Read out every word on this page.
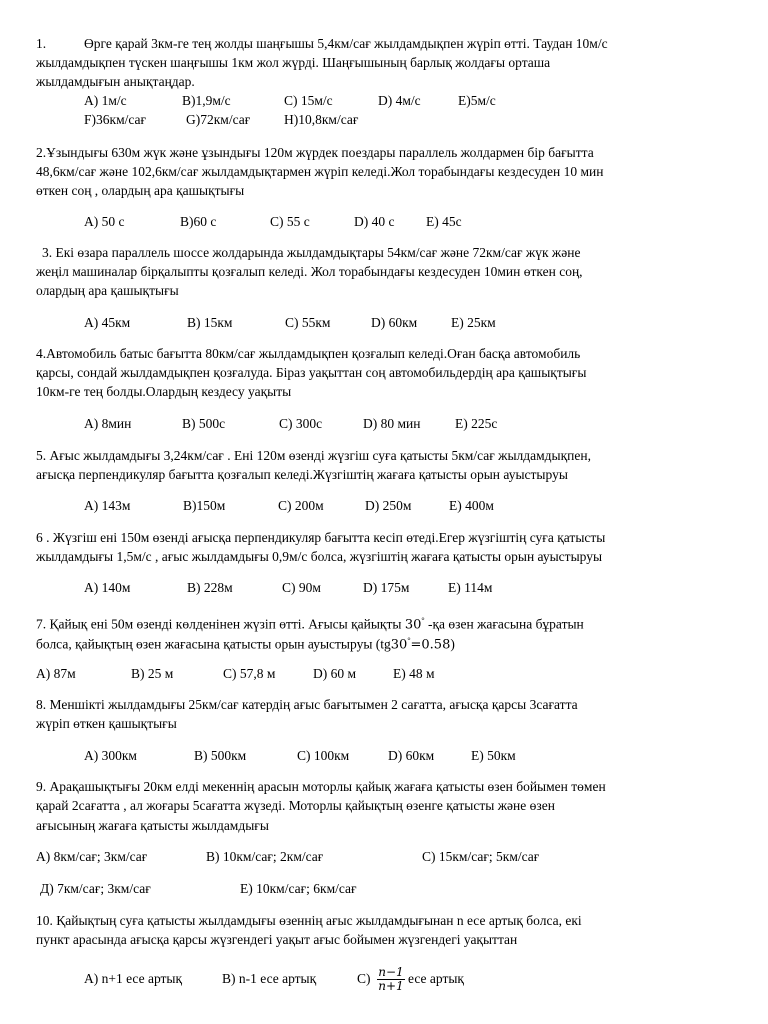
1.	Өрге қарай 3км-ге тең жолды шаңғышы 5,4км/сағ жылдамдықпен жүріп өтті. Таудан 10м/с
жылдамдықпен түскен шаңғышы 1км жол жүрді. Шаңғышының барлық жолдағы орташа
жылдамдығын анықтаңдар.
A) 1м/с	B)1,9м/с	C) 15м/с	D) 4м/с	E)5м/с
F)36км/сағ	G)72км/сағ H)10,8км/сағ
2.Ұзындығы 630м жүк және ұзындығы 120м жүрдек поездары параллель жолдармен бір бағытта
48,6км/сағ және 102,6км/сағ жылдамдықтармен жүріп келеді.Жол торабындағы кездесуден 10 мин
өткен соң , олардың ара қашықтығы
A) 50 с	B)60 с	C) 55 с	D) 40 с E) 45с
3. Екі өзара параллель шоссе жолдарында жылдамдықтары 54км/сағ және 72км/сағ жүк және
жеңіл машиналар бірқалыпты қозғалып келеді. Жол торабындағы кездесуден 10мин өткен соң,
олардың ара қашықтығы
A) 45км	B) 15км	C) 55км	D) 60км	E) 25км
4.Автомобиль батыс бағытта 80км/сағ жылдамдықпен қозғалып келеді.Оған басқа автомобиль
қарсы, сондай жылдамдықпен қозғалуда. Біраз уақыттан соң автомобильдердің ара қашықтығы
10км-ге тең болды.Олардың кездесу уақыты
A) 8мин	B) 500с	C) 300с	D) 80 мин	E) 225с
5. Ағыс жылдамдығы 3,24км/сағ . Ені 120м өзенді жүзгіш суға қатысты 5км/сағ жылдамдықпен,
ағысқа перпендикуляр бағытта қозғалып келеді.Жүзгіштің жағаға қатысты орын ауыстыруы
A) 143м	B)150м	C) 200м	D) 250м	E) 400м
6 . Жүзгіш ені 150м өзенді ағысқа перпендикуляр бағытта кесіп өтеді.Егер жүзгіштің суға қатысты
жылдамдығы 1,5м/с , ағыс жылдамдығы 0,9м/с болса, жүзгіштің жағаға қатысты орын ауыстыруы
A) 140м	B) 228м	C) 90м	D) 175м	E) 114м
7. Қайық ені 50м өзенді көлденінен жүзіп өтті. Ағысы қайықты 30° -қа өзен жағасына бұратын
болса, қайықтың өзен жағасына қатысты орын ауыстыруы (tg30°=0.58)
A) 87м	B) 25 м	C) 57,8 м	D) 60 м	E) 48 м
8. Меншікті жылдамдығы 25км/сағ катердің ағыс бағытымен 2 сағатта, ағысқа қарсы 3сағатта
жүріп өткен қашықтығы
A) 300км	B) 500км	C) 100км	D) 60км	E) 50км
9. Арақашықтығы 20км елді мекеннің арасын моторлы қайық жағаға қатысты өзен бойымен төмен
қарай 2сағатта , ал жоғары 5сағатта жүзеді. Моторлы қайықтың өзенге қатысты және өзен
ағысының жағаға қатысты жылдамдығы
A) 8км/сағ; 3км/сағ	B) 10км/сағ; 2км/сағ	C) 15км/сағ; 5км/сағ
Д) 7км/сағ; 3км/сағ	E) 10км/сағ; 6км/сағ
10. Қайықтың суға қатысты жылдамдығы өзеннің ағыс жылдамдығынан n есе артық болса, екі
пункт арасында ағысқа қарсы жүзгендегі уақыт ағыс бойымен жүзгендегі уақыттан
A) n+1 есе артық	B) n-1 есе артық	$C) \frac{n-1}{n+1}$ есе артық
